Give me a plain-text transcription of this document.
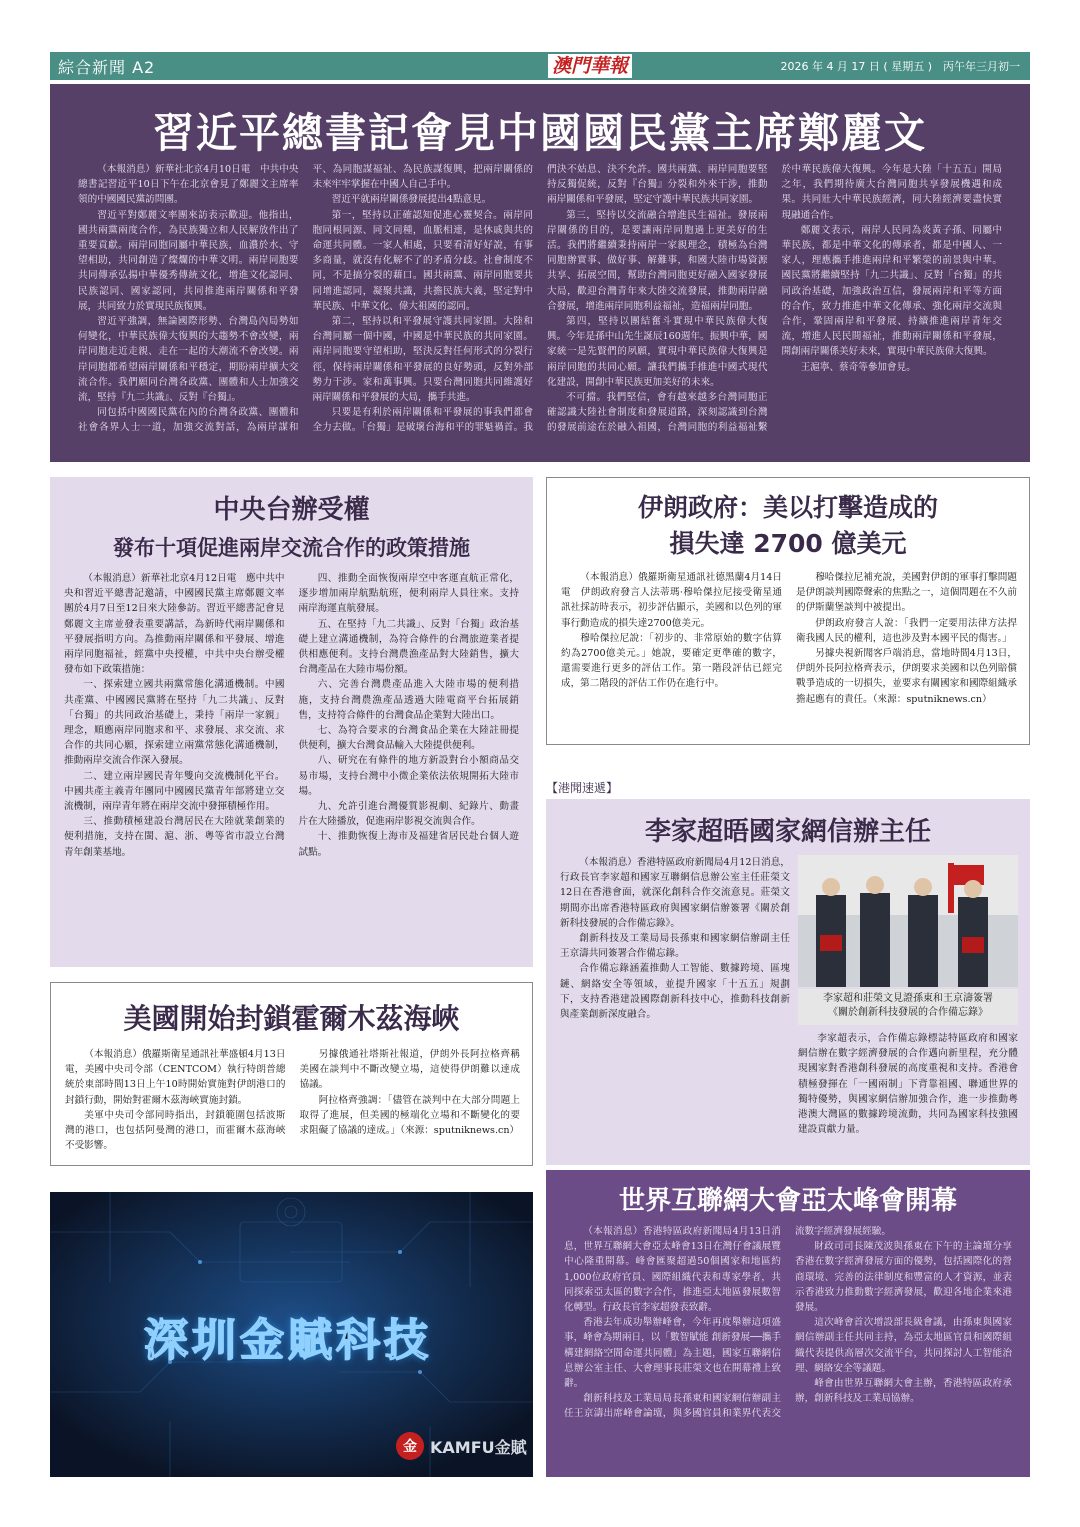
綜合新聞 A2	澳門華報	2026 年 4 月 17 日 ( 星期五 )　丙午年三月初一
習近平總書記會見中國國民黨主席鄭麗文

（本報消息）新華社北京4月10日電　中共中央總書記習近平10日下午在北京會見了鄭麗文主席率領的中國國民黨訪問團。

習近平對鄭麗文率團來訪表示歡迎。他指出，國共兩黨兩度合作，為民族獨立和人民解放作出了重要貢獻。兩岸同胞同屬中華民族，血濃於水、守望相助，共同創造了燦爛的中華文明。兩岸同胞要共同傳承弘揚中華優秀傳統文化，增進文化認同、民族認同、國家認同，共同推進兩岸關係和平發展，共同致力於實現民族復興。

習近平強調，無論國際形勢、台灣島內局勢如何變化，中華民族偉大復興的大趨勢不會改變，兩岸同胞走近走親、走在一起的大潮流不會改變。兩岸同胞都希望兩岸關係和平穩定，期盼兩岸擴大交流合作。我們願同台灣各政黨、團體和人士加強交流，堅持『九二共識』、反對『台獨』。

同包括中國國民黨在內的台灣各政黨、團體和社會各界人士一道，加強交流對話，為兩岸謀和平、為同胞謀福祉、為民族謀復興，把兩岸關係的未來牢牢掌握在中國人自己手中。

習近平就兩岸關係發展提出4點意見。

第一，堅持以正確認知促進心靈契合。兩岸同胞同根同源、同文同種，血脈相連，是休戚與共的命運共同體。一家人相處，只要看清好好說，有事多商量，就沒有化解不了的矛盾分歧。社會制度不同，不是搞分裂的藉口。國共兩黨、兩岸同胞要共同增進認同，凝聚共識，共擔民族大義，堅定對中華民族、中華文化、偉大祖國的認同。

第二，堅持以和平發展守護共同家園。大陸和台灣同屬一個中國，中國是中華民族的共同家園。兩岸同胞要守望相助，堅決反對任何形式的分裂行徑，保持兩岸關係和平發展的良好勢頭，反對外部勢力干涉。家和萬事興。只要台灣同胞共同維護好兩岸關係和平發展的大局，攜手共進。

只要是有利於兩岸關係和平發展的事我們都會全力去做。「台獨」是破壞台海和平的罪魁禍首。我們決不姑息、決不允許。國共兩黨、兩岸同胞要堅持反獨促統，反對『台獨』分裂和外來干涉，推動兩岸關係和平發展，堅定守護中華民族共同家園。

第三，堅持以交流融合增進民生福祉。發展兩岸關係的目的，是要讓兩岸同胞過上更美好的生活。我們將繼續秉持兩岸一家親理念，積極為台灣同胞辦實事、做好事、解難事，和國大陸市場資源共享、拓展空間，幫助台灣同胞更好融入國家發展大局，歡迎台灣青年來大陸交流發展，推動兩岸融合發展，增進兩岸同胞利益福祉，造福兩岸同胞。

第四，堅持以團結奮斗實現中華民族偉大復興。今年是孫中山先生誕辰160週年。振興中華，國家統一是先賢們的夙願，實現中華民族偉大復興是兩岸同胞的共同心願。讓我們攜手推進中國式現代化建設，開創中華民族更加美好的未來。

不可擋。我們堅信，會有越來越多台灣同胞正確認識大陸社會制度和發展道路，深刻認識到台灣的發展前途在於融入祖國，台灣同胞的利益福祉繫於中華民族偉大復興。今年是大陸「十五五」開局之年，我們期待廣大台灣同胞共享發展機遇和成果。共同壯大中華民族經濟，同大陸經濟要盡快實現融通合作。

鄭麗文表示，兩岸人民同為炎黃子孫、同屬中華民族，都是中華文化的傳承者，都是中國人、一家人，理應攜手推進兩岸和平繁榮的前景與中華。國民黨將繼續堅持「九二共識」、反對「台獨」的共同政治基礎，加強政治互信，發展兩岸和平等方面的合作，致力推進中華文化傳承、強化兩岸交流與合作，鞏固兩岸和平發展、持續推進兩岸青年交流，增進人民民間福祉，推動兩岸關係和平發展，開創兩岸關係美好未來，實現中華民族偉大復興。

王滬寧、蔡奇等參加會見。

中央台辦受權
發布十項促進兩岸交流合作的政策措施

（本報消息）新華社北京4月12日電　應中共中央和習近平總書記邀請，中國國民黨主席鄭麗文率團於4月7日至12日來大陸參訪。習近平總書記會見鄭麗文主席並發表重要講話，為新時代兩岸關係和平發展指明方向。為推動兩岸關係和平發展、增進兩岸同胞福祉，經黨中央授權，中共中央台辦受權發布如下政策措施：

一、探索建立國共兩黨常態化溝通機制。中國共產黨、中國國民黨將在堅持「九二共識」、反對「台獨」的共同政治基礎上，秉持「兩岸一家親」理念，順應兩岸同胞求和平、求發展、求交流、求合作的共同心願，探索建立兩黨常態化溝通機制，推動兩岸交流合作深入發展。

二、建立兩岸國民青年雙向交流機制化平台。中國共產主義青年團同中國國民黨青年部將建立交流機制，兩岸青年將在兩岸交流中發揮積極作用。

三、推動積極建設台灣居民在大陸就業創業的便利措施，支持在閩、滬、浙、粵等省市設立台灣青年創業基地。

四、推動全面恢復兩岸空中客運直航正常化，逐步增加兩岸航點航班，便利兩岸人員往來。支持兩岸海運直航發展。

五、在堅持「九二共識」、反對「台獨」政治基礎上建立溝通機制，為符合條件的台灣旅遊業者提供相應便利。支持台灣農漁產品對大陸銷售，擴大台灣產品在大陸市場份額。

六、完善台灣農產品進入大陸市場的便利措施，支持台灣農漁產品透過大陸電商平台拓展銷售，支持符合條件的台灣食品企業對大陸出口。

七、為符合要求的台灣食品企業在大陸註冊提供便利，擴大台灣食品輸入大陸提供便利。

八、研究在有條件的地方新設對台小額商品交易市場，支持台灣中小微企業依法依規開拓大陸市場。

九、允許引進台灣優質影視劇、紀錄片、動畫片在大陸播放，促進兩岸影視交流與合作。

十、推動恢復上海市及福建省居民赴台個人遊試點。

美國開始封鎖霍爾木茲海峽

（本報消息）俄羅斯衛星通訊社華盛頓4月13日電，美國中央司令部（CENTCOM）執行特朗普總統於東部時間13日上午10時開始實施對伊朗港口的封鎖行動，開始對霍爾木茲海峽實施封鎖。

美軍中央司令部同時指出，封鎖範圍包括波斯灣的港口，也包括阿曼灣的港口，而霍爾木茲海峽不受影響。

另據俄通社塔斯社報道，伊朗外長阿拉格齊稱美國在談判中不斷改變立場，這使得伊朗難以達成協議。

阿拉格齊強調：「儘管在談判中在大部分問題上取得了進展，但美國的極端化立場和不斷變化的要求阻礙了協議的達成。」（來源：sputniknews.cn）

深圳金賦科技
金 KAMFU金賦
伊朗政府：美以打擊造成的
損失達 2700 億美元

（本報消息）俄羅斯衛星通訊社德黑蘭4月14日電　伊朗政府發言人法蒂瑪·穆哈傑拉尼接受衛星通訊社採訪時表示，初步評估顯示，美國和以色列的軍事行動造成的損失達2700億美元。

穆哈傑拉尼說：「初步的、非常原始的數字估算約為2700億美元。」她說，要確定更準確的數字，還需要進行更多的評估工作。第一階段評估已經完成，第二階段的評估工作仍在進行中。

穆哈傑拉尼補充說，美國對伊朗的軍事打擊問題是伊朗談判國際聲索的焦點之一，這個問題在不久前的伊斯蘭堡談判中被提出。

伊朗政府發言人說：「我們一定要用法律方法捍衛我國人民的權利，這也涉及對本國平民的傷害。」

另據央視新聞客戶端消息，當地時間4月13日，伊朗外長阿拉格齊表示，伊朗要求美國和以色列賠償戰爭造成的一切損失，並要求有關國家和國際組織承擔起應有的責任。（來源：sputniknews.cn）

【港聞速遞】
李家超晤國家網信辦主任

（本報消息）香港特區政府新聞局4月12日消息，行政長官李家超和國家互聯網信息辦公室主任莊榮文12日在香港會面，就深化創科合作交流意見。莊榮文期間亦出席香港特區政府與國家網信辦簽署《關於創新科技發展的合作備忘錄》。

創新科技及工業局局長孫東和國家網信辦副主任王京濤共同簽署合作備忘錄。

合作備忘錄涵蓋推動人工智能、數據跨境、區塊鏈、網絡安全等領域，並提升國家「十五五」規劃下，支持香港建設國際創新科技中心，推動科技創新與產業創新深度融合。

李家超和莊榮文見證孫東和王京濤簽署
《關於創新科技發展的合作備忘錄》

李家超表示，合作備忘錄標誌特區政府和國家網信辦在數字經濟發展的合作邁向新里程，充分體現國家對香港創科發展的高度重視和支持。香港會積極發揮在「一國兩制」下背靠祖國、聯通世界的獨特優勢，與國家網信辦加強合作，進一步推動粵港澳大灣區的數據跨境流動，共同為國家科技強國建設貢獻力量。

世界互聯網大會亞太峰會開幕

（本報消息）香港特區政府新聞局4月13日消息，世界互聯網大會亞太峰會13日在灣仔會議展覽中心隆重開幕。峰會匯聚超過50個國家和地區約1,000位政府官員、國際組織代表和專家學者，共同探索亞太區的數字合作，推進亞太地區發展數智化轉型。行政長官李家超發表致辭。

香港去年成功舉辦峰會，今年再度舉辦這項盛事，峰會為期兩日，以「數智賦能 創新發展──攜手構建網絡空間命運共同體」為主題，國家互聯網信息辦公室主任、大會理事長莊榮文也在開幕禮上致辭。

創新科技及工業局局長孫東和國家網信辦副主任王京濤出席峰會論壇，與多國官員和業界代表交流數字經濟發展經驗。

財政司司長陳茂波與孫東在下午的主論壇分享香港在數字經濟發展方面的優勢，包括國際化的營商環境、完善的法律制度和豐富的人才資源，並表示香港致力推動數字經濟發展，歡迎各地企業來港發展。

這次峰會首次增設部長級會議，由孫東與國家網信辦副主任共同主持，為亞太地區官員和國際組織代表提供高層次交流平台，共同探討人工智能治理、網絡安全等議題。

峰會由世界互聯網大會主辦，香港特區政府承辦，創新科技及工業局協辦。
